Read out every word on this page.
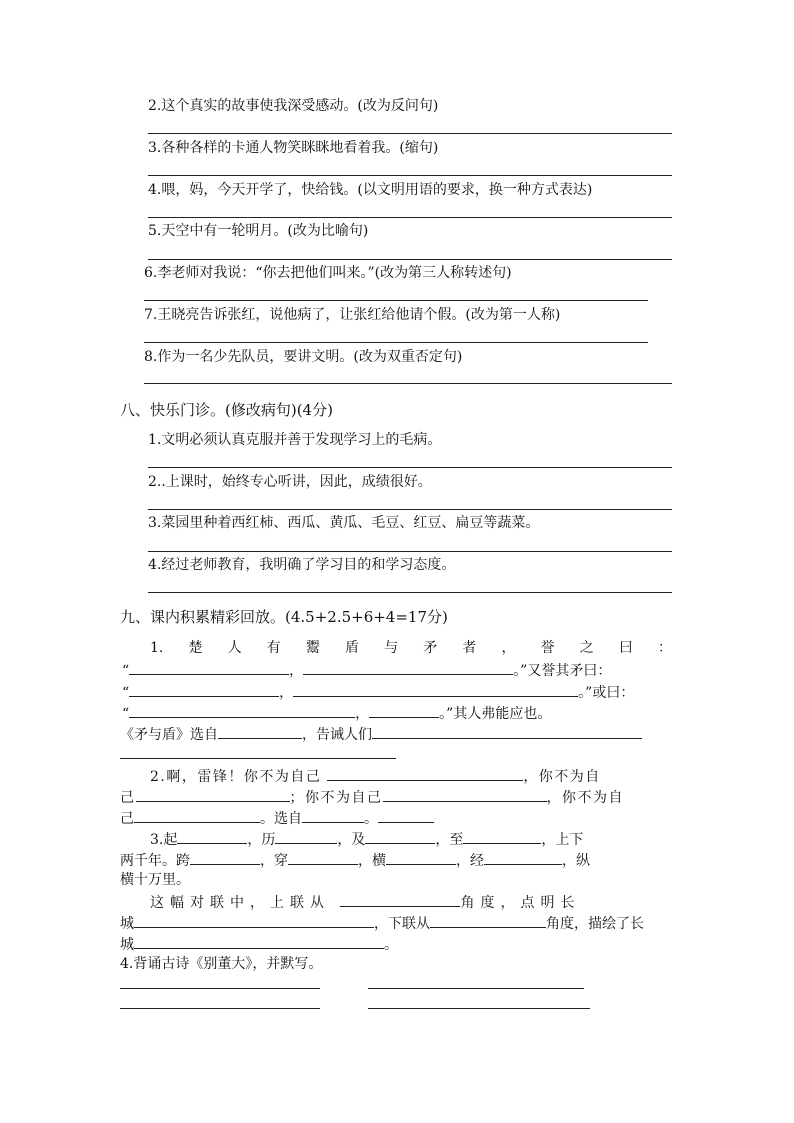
2.这个真实的故事使我深受感动。(改为反问句)
3.各种各样的卡通人物笑眯眯地看着我。(缩句)
4.喂，妈，今天开学了，快给钱。(以文明用语的要求，换一种方式表达)
5.天空中有一轮明月。(改为比喻句)
6.李老师对我说：“你去把他们叫来。”(改为第三人称转述句)
7.王晓亮告诉张红，说他病了，让张红给他请个假。(改为第一人称)
8.作为一名少先队员，要讲文明。(改为双重否定句)
八、快乐门诊。(修改病句)(4分)
1.文明必须认真克服并善于发现学习上的毛病。
2..上课时，始终专心听讲，因此，成绩很好。
3.菜园里种着西红柿、西瓜、黄瓜、毛豆、红豆、扁豆等蔬菜。
4.经过老师教育，我明确了学习目的和学习态度。
九、课内积累精彩回放。(4.5+2.5+6+4=17分)
1. 楚 人 有 鬻 盾 与 矛 者 ， 誉 之 曰 ：
“	，	。”又誉其矛曰：
“	，	。”或曰：
“	，	。”其人弗能应也。
《矛与盾》选自	，告诫人们
2.啊，雷锋！你不为自己	，你不为自
己	；你不为自己	，你不为自
己	。选自	。
3.起	，历	，及	，至	，上下
两千年。跨	，穿	，横	，经	，纵
横十万里。
这幅对联中，上联从	角度，点明长
城	，下联从	角度，描绘了长
城	。
4.背诵古诗《别董大》，并默写。
